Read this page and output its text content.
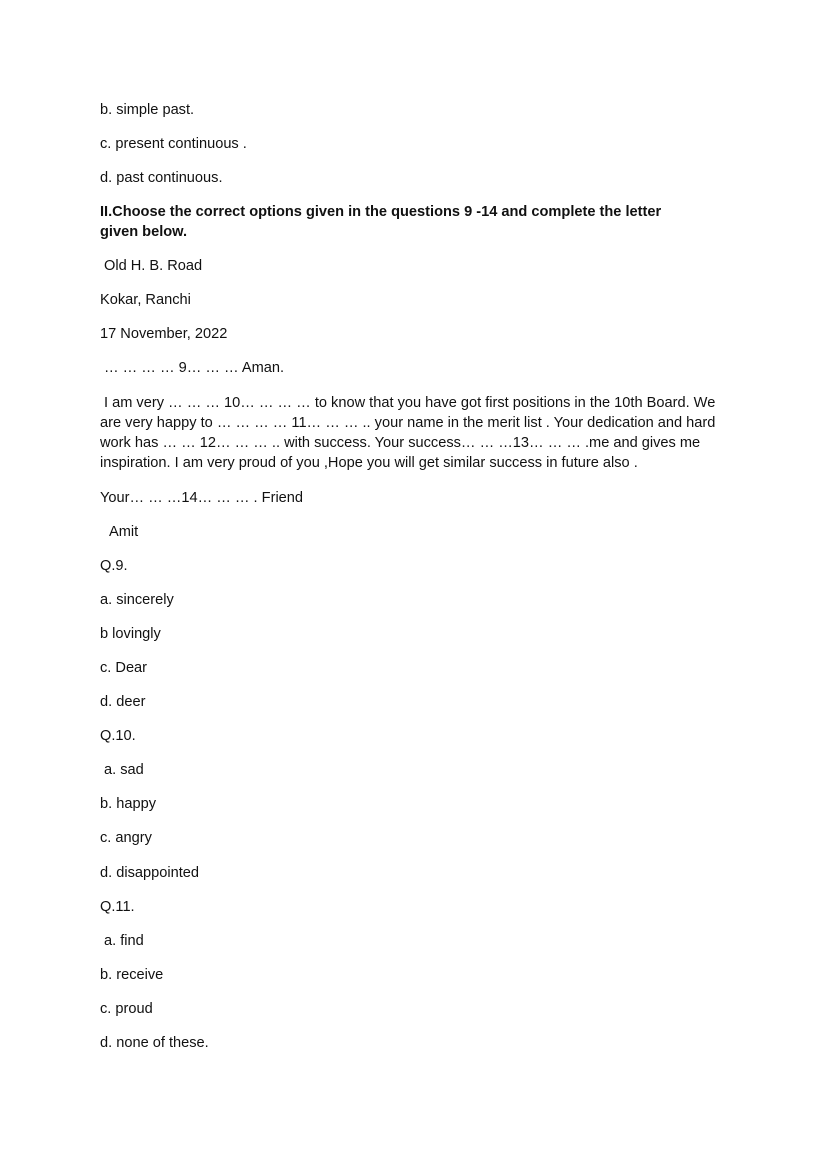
b. simple past.
c. present continuous .
d. past continuous.
II.Choose the correct options given in the questions 9 -14 and complete the letter
given below.
Old H. B. Road
Kokar, Ranchi
17 November, 2022
… … … … 9… … … Aman.
I am very … … … 10… … … … to know that you have got first positions in the 10th Board. We
are very happy to … … … … 11… … … .. your name in the merit list . Your dedication and hard
work has … … 12… … … .. with success. Your success… … …13… … … .me and gives me
inspiration. I am very proud of you ,Hope you will get similar success in future also .
Your… … …14… … … . Friend
Amit
Q.9.
a. sincerely
b lovingly
c. Dear
d. deer
Q.10.
a. sad
b. happy
c. angry
d. disappointed
Q.11.
a. find
b. receive
c. proud
d. none of these.
